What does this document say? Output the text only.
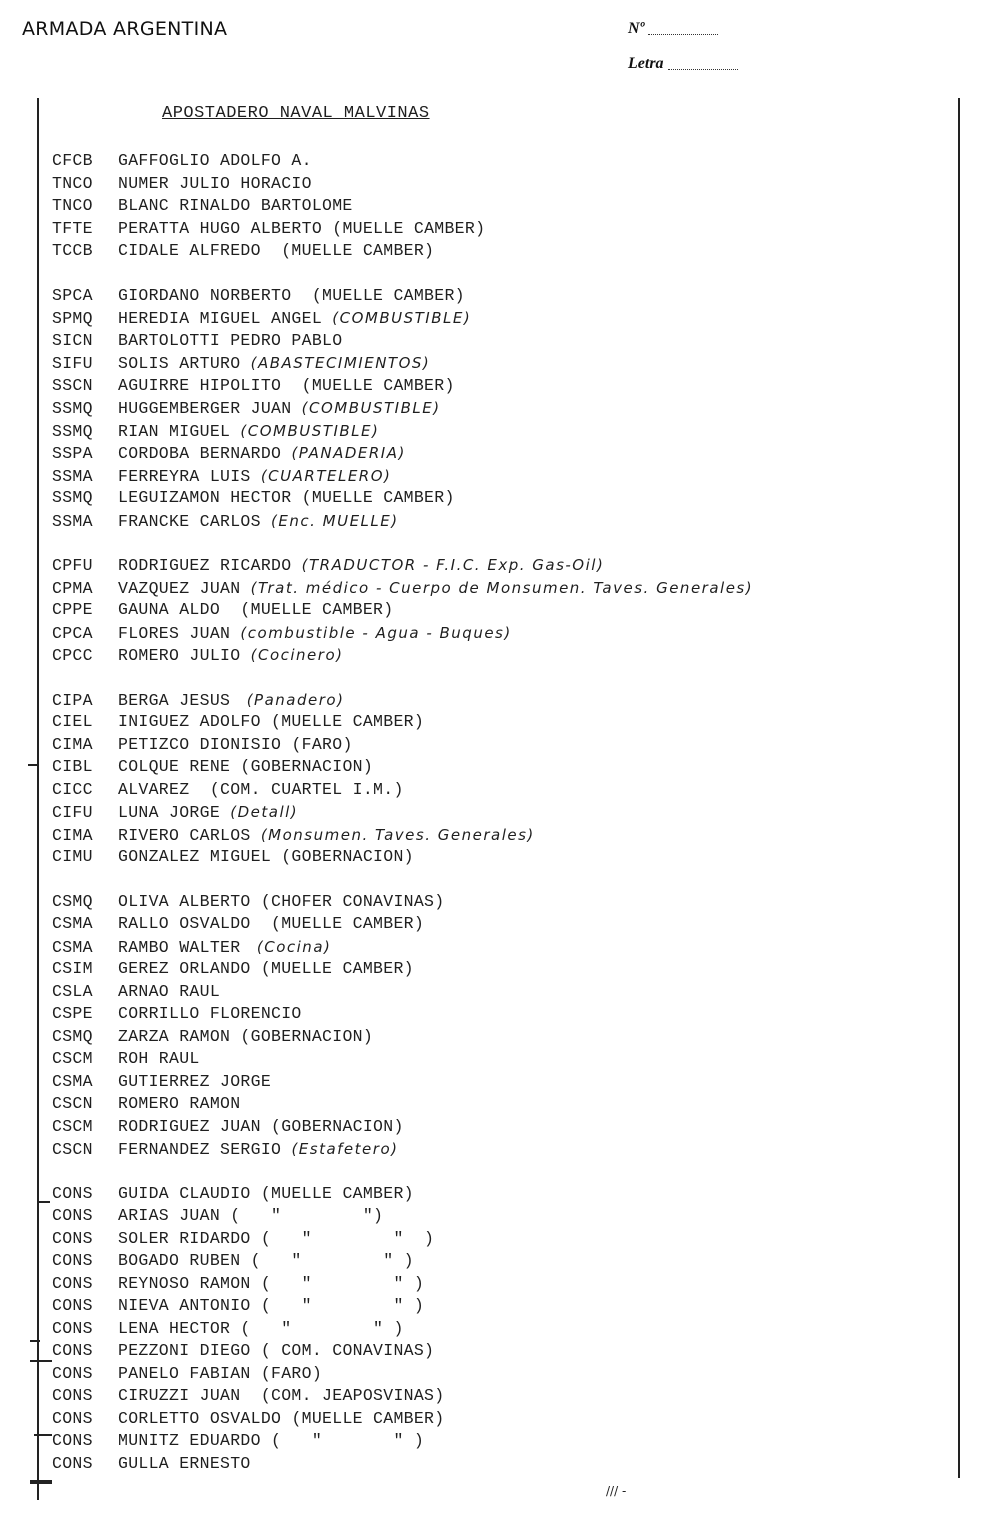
ARMADA ARGENTINA	Nº
Letra
APOSTADERO NAVAL MALVINAS
CFCB GAFFOGLIO ADOLFO A.
TNCO NUMER JULIO HORACIO
TNCO BLANC RINALDO BARTOLOME
TFTE PERATTA HUGO ALBERTO (MUELLE CAMBER)
TCCB CIDALE ALFREDO  (MUELLE CAMBER)
SPCA GIORDANO NORBERTO  (MUELLE CAMBER)
SPMQ HEREDIA MIGUEL ANGEL (COMBUSTIBLE)
SICN BARTOLOTTI PEDRO PABLO
SIFU SOLIS ARTURO (ABASTECIMIENTOS)
SSCN AGUIRRE HIPOLITO  (MUELLE CAMBER)
SSMQ HUGGEMBERGER JUAN (COMBUSTIBLE)
SSMQ RIAN MIGUEL (COMBUSTIBLE)
SSPA CORDOBA BERNARDO (PANADERIA)
SSMA FERREYRA LUIS (CUARTELERO)
SSMQ LEGUIZAMON HECTOR (MUELLE CAMBER)
SSMA FRANCKE CARLOS (Enc. MUELLE)
CPFU RODRIGUEZ RICARDO (TRADUCTOR - F.I.C. Exp. Gas-Oil)
CPMA VAZQUEZ JUAN (Trat. médico - Cuerpo de Monsumen. Taves. Generales)
CPPE GAUNA ALDO  (MUELLE CAMBER)
CPCA FLORES JUAN (combustible - Agua - Buques)
CPCC ROMERO JULIO (Cocinero)
CIPA BERGA JESUS  (Panadero)
CIEL INIGUEZ ADOLFO (MUELLE CAMBER)
CIMA PETIZCO DIONISIO (FARO)
CIBL COLQUE RENE (GOBERNACION)
CICC ALVAREZ  (COM. CUARTEL I.M.)
CIFU LUNA JORGE (Detall)
CIMA RIVERO CARLOS (Monsumen. Taves. Generales)
CIMU GONZALEZ MIGUEL (GOBERNACION)
CSMQ OLIVA ALBERTO (CHOFER CONAVINAS)
CSMA RALLO OSVALDO  (MUELLE CAMBER)
CSMA RAMBO WALTER  (Cocina)
CSIM GEREZ ORLANDO (MUELLE CAMBER)
CSLA ARNAO RAUL
CSPE CORRILLO FLORENCIO
CSMQ ZARZA RAMON (GOBERNACION)
CSCM ROH RAUL
CSMA GUTIERREZ JORGE
CSCN ROMERO RAMON
CSCM RODRIGUEZ JUAN (GOBERNACION)
CSCN FERNANDEZ SERGIO (Estafetero)
CONS GUIDA CLAUDIO (MUELLE CAMBER)
CONS ARIAS JUAN (   "        ")
CONS SOLER RIDARDO (   "        "  )
CONS BOGADO RUBEN (   "        " )
CONS REYNOSO RAMON (   "        " )
CONS NIEVA ANTONIO (   "        " )
CONS LENA HECTOR (   "        " )
CONS PEZZONI DIEGO ( COM. CONAVINAS)
CONS PANELO FABIAN (FARO)
CONS CIRUZZI JUAN  (COM. JEAPOSVINAS)
CONS CORLETTO OSVALDO (MUELLE CAMBER)
CONS MUNITZ EDUARDO (   "       " )
CONS GULLA ERNESTO
/// -
